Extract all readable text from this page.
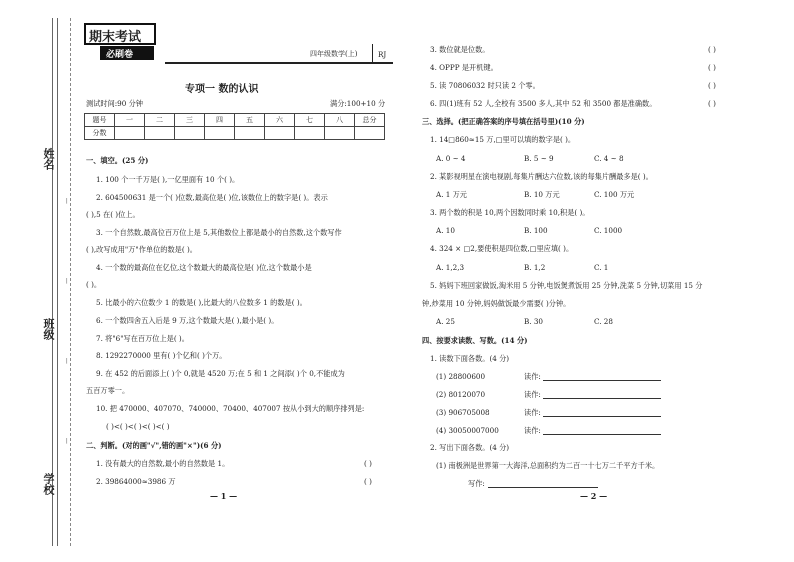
姓名
班级
学校
∣
∣
∣
∣
期末考试
必刷卷	四年级数学(上)	RJ
专项一 数的认识
测试时间:90 分钟	满分:100+10 分
题号	一	二	三	四	五	六	七	八	总分
分数									
一、填空。(25 分)
1. 100 个一千万是( ),一亿里面有 10 个( )。
2. 604500631 是一个( )位数,最高位是( )位,该数位上的数字是( )。表示
( ),5 在( )位上。
3. 一个自然数,最高位百万位上是 5,其他数位上都是最小的自然数,这个数写作
( ),改写成用"万"作单位的数是( )。
4. 一个数的最高位在亿位,这个数最大的最高位是( )位,这个数最小是
( )。
5. 比最小的六位数少 1 的数是( ),比最大的八位数多 1 的数是( )。
6. 一个数四舍五入后是 9 万,这个数最大是( ),最小是( )。
7. 将"6"写在百万位上是( )。
8. 1292270000 里有( )个亿和( )个万。
9. 在 452 的后面添上( )个 0,就是 4520 万;在 5 和 1 之间添( )个 0,不能成为
五百万零一。
10. 把 470000、407070、740000、70400、407007 按从小到大的顺序排列是:
( )<( )<( )<( )<( )
二、判断。(对的画"√",错的画"×")(6 分)
1. 没有最大的自然数,最小的自然数是 1。	( )
2. 39864000≈3986 万	( )
— 1 —
3. 数位就是位数。	( )
4. OPPP 是开机键。	( )
5. 读 70806032 时只读 2 个零。	( )
6. 四(1)班有 52 人,全校有 3500 多人,其中 52 和 3500 都是准确数。	( )
三、选择。(把正确答案的序号填在括号里)(10 分)
1. 14□860≈15 万,□里可以填的数字是( )。
A. 0 ~ 4	B. 5 ~ 9	C. 4 ~ 8
2. 某影视明星在演电视剧,每集片酬达六位数,该的每集片酬最多是( )。
A. 1 万元	B. 10 万元	C. 100 万元
3. 两个数的积是 10,两个因数同时乘 10,积是( )。
A. 10	B. 100	C. 1000
4. 324 × □2,要使积是四位数,□里应填( )。
A. 1,2,3	B. 1,2	C. 1
5. 妈妈下班回家做饭,淘米用 5 分钟,电饭煲煮饭用 25 分钟,洗菜 5 分钟,切菜用 15 分
钟,炒菜用 10 分钟,妈妈做饭最少需要( )分钟。
A. 25	B. 30	C. 28
四、按要求读数、写数。(14 分)
1. 读数下面各数。(4 分)
(1) 28800600	读作:
(2) 80120070	读作:
(3) 906705008	读作:
(4) 30050007000	读作:
2. 写出下面各数。(4 分)
(1) 南极洲是世界第一大海洋,总面积约为二百一十七万二千平方千米。
写作:
— 2 —
